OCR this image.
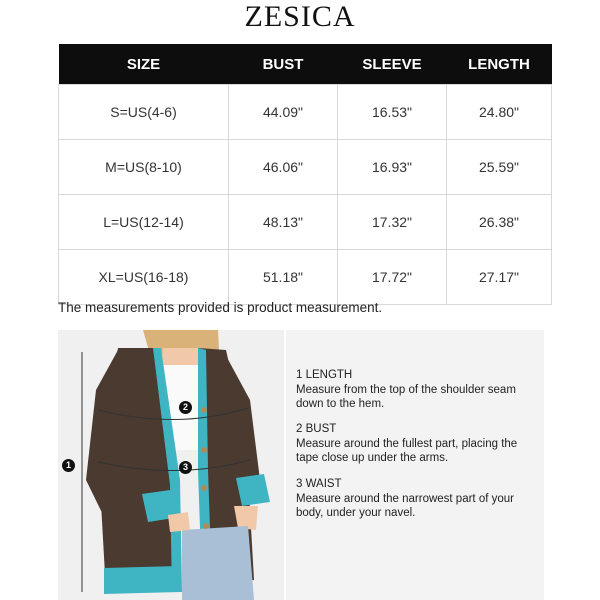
ZESICA
SIZE	BUST	SLEEVE	LENGTH
S=US(4-6)	44.09"	16.53"	24.80"
M=US(8-10)	46.06"	16.93"	25.59"
L=US(12-14)	48.13"	17.32"	26.38"
XL=US(16-18)	51.18"	17.72"	27.17"
The measurements provided is product measurement.
1
2
3
1 LENGTH
Measure from the top of the shoulder seam down to the hem.
2 BUST
Measure around the fullest part, placing the tape close up under the arms.
3 WAIST
Measure around the narrowest part of your body, under your navel.
